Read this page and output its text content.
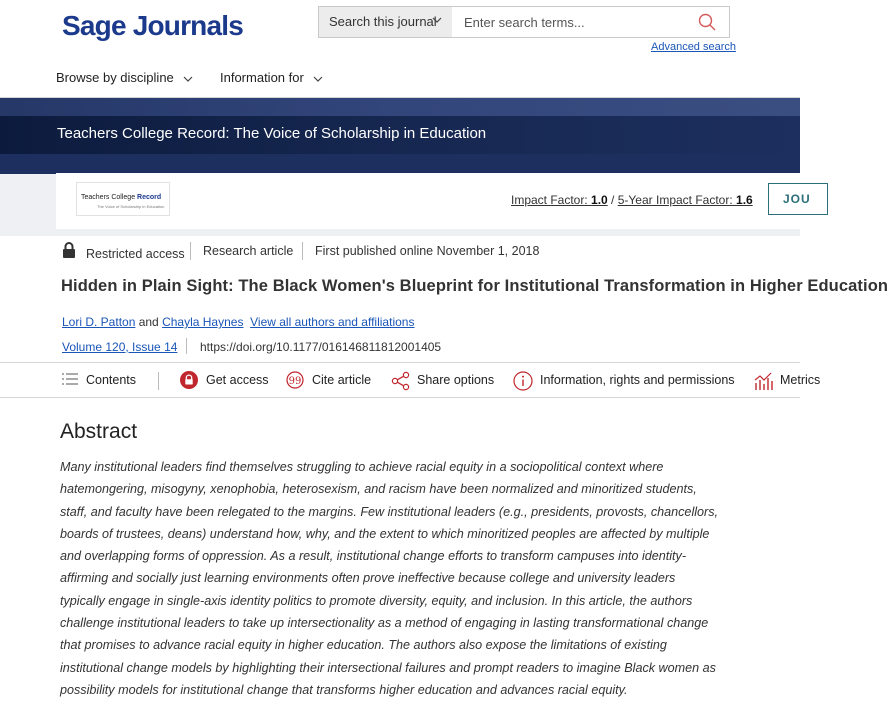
Sage Journals	Search this journal
Enter search terms...
Advanced search
Browse by discipline	Information for
Teachers College Record: The Voice of Scholarship in Education
Teachers College Record
The Voice of Scholarship in Education	Impact Factor: 1.0 / 5-Year Impact Factor: 1.6	JOU
Restricted access Research article First published online November 1, 2018
Hidden in Plain Sight: The Black Women's Blueprint for Institutional Transformation in Higher Education
Lori D. Patton and Chayla Haynes View all authors and affiliations
Volume 120, Issue 14 https://doi.org/10.1177/016146811812001405
Contents	Get access 99 Cite article	Share options	Information, rights and permissions	Metrics
Abstract
Many institutional leaders find themselves struggling to achieve racial equity in a sociopolitical context where hatemongering, misogyny, xenophobia, heterosexism, and racism have been normalized and minoritized students, staff, and faculty have been relegated to the margins. Few institutional leaders (e.g., presidents, provosts, chancellors, boards of trustees, deans) understand how, why, and the extent to which minoritized peoples are affected by multiple and overlapping forms of oppression. As a result, institutional change efforts to transform campuses into identity-affirming and socially just learning environments often prove ineffective because college and university leaders typically engage in single-axis identity politics to promote diversity, equity, and inclusion. In this article, the authors challenge institutional leaders to take up intersectionality as a method of engaging in lasting transformational change that promises to advance racial equity in higher education. The authors also expose the limitations of existing institutional change models by highlighting their intersectional failures and prompt readers to imagine Black women as possibility models for institutional change that transforms higher education and advances racial equity.
